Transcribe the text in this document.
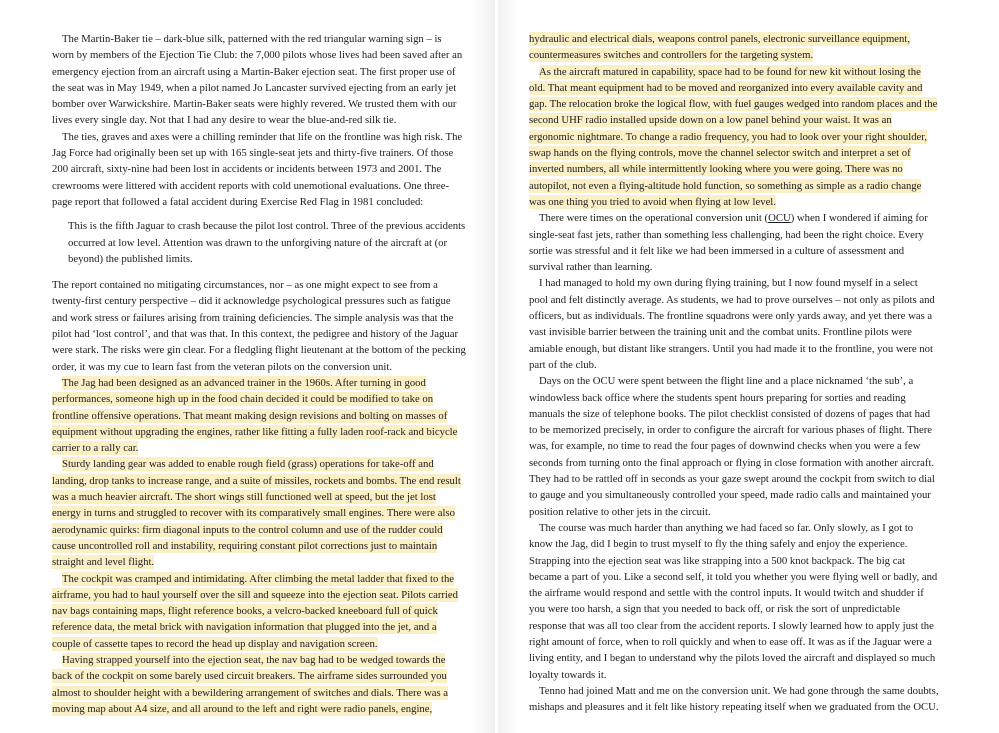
The Martin-Baker tie – dark-blue silk, patterned with the red triangular warning sign – is worn by members of the Ejection Tie Club: the 7,000 pilots whose lives had been saved after an emergency ejection from an aircraft using a Martin-Baker ejection seat. The first proper use of the seat was in May 1949, when a pilot named Jo Lancaster survived ejecting from an early jet bomber over Warwickshire. Martin-Baker seats were highly revered. We trusted them with our lives every single day. Not that I had any desire to wear the blue-and-red silk tie.

The ties, graves and axes were a chilling reminder that life on the frontline was high risk. The Jag Force had originally been set up with 165 single-seat jets and thirty-five trainers. Of those 200 aircraft, sixty-nine had been lost in accidents or incidents between 1973 and 2001. The crewrooms were littered with accident reports with cold unemotional evaluations. One three-page report that followed a fatal accident during Exercise Red Flag in 1981 concluded:

This is the fifth Jaguar to crash because the pilot lost control. Three of the previous accidents occurred at low level. Attention was drawn to the unforgiving nature of the aircraft at (or beyond) the published limits.

The report contained no mitigating circumstances, nor – as one might expect to see from a twenty-first century perspective – did it acknowledge psychological pressures such as fatigue and work stress or failures arising from training deficiencies. The simple analysis was that the pilot had ‘lost control’, and that was that. In this context, the pedigree and history of the Jaguar were stark. The risks were gin clear. For a fledgling flight lieutenant at the bottom of the pecking order, it was my cue to learn fast from the veteran pilots on the conversion unit.

The Jag had been designed as an advanced trainer in the 1960s. After turning in good performances, someone high up in the food chain decided it could be modified to take on frontline offensive operations. That meant making design revisions and bolting on masses of equipment without upgrading the engines, rather like fitting a fully laden roof-rack and bicycle carrier to a rally car.

Sturdy landing gear was added to enable rough field (grass) operations for take-off and landing, drop tanks to increase range, and a suite of missiles, rockets and bombs. The end result was a much heavier aircraft. The short wings still functioned well at speed, but the jet lost energy in turns and struggled to recover with its comparatively small engines. There were also aerodynamic quirks: firm diagonal inputs to the control column and use of the rudder could cause uncontrolled roll and instability, requiring constant pilot corrections just to maintain straight and level flight.

The cockpit was cramped and intimidating. After climbing the metal ladder that fixed to the airframe, you had to haul yourself over the sill and squeeze into the ejection seat. Pilots carried nav bags containing maps, flight reference books, a velcro-backed kneeboard full of quick reference data, the metal brick with navigation information that plugged into the jet, and a couple of cassette tapes to record the head up display and navigation screen.

Having strapped yourself into the ejection seat, the nav bag had to be wedged towards the back of the cockpit on some barely used circuit breakers. The airframe sides surrounded you almost to shoulder height with a bewildering arrangement of switches and dials. There was a moving map about A4 size, and all around to the left and right were radio panels, engine,

hydraulic and electrical dials, weapons control panels, electronic surveillance equipment, countermeasures switches and controllers for the targeting system.

As the aircraft matured in capability, space had to be found for new kit without losing the old. That meant equipment had to be moved and reorganized into every available cavity and gap. The relocation broke the logical flow, with fuel gauges wedged into random places and the second UHF radio installed upside down on a low panel behind your waist. It was an ergonomic nightmare. To change a radio frequency, you had to look over your right shoulder, swap hands on the flying controls, move the channel selector switch and interpret a set of inverted numbers, all while intermittently looking where you were going. There was no autopilot, not even a flying-altitude hold function, so something as simple as a radio change was one thing you tried to avoid when flying at low level.

There were times on the operational conversion unit (OCU) when I wondered if aiming for single-seat fast jets, rather than something less challenging, had been the right choice. Every sortie was stressful and it felt like we had been immersed in a culture of assessment and survival rather than learning.

I had managed to hold my own during flying training, but I now found myself in a select pool and felt distinctly average. As students, we had to prove ourselves – not only as pilots and officers, but as individuals. The frontline squadrons were only yards away, and yet there was a vast invisible barrier between the training unit and the combat units. Frontline pilots were amiable enough, but distant like strangers. Until you had made it to the frontline, you were not part of the club.

Days on the OCU were spent between the flight line and a place nicknamed ‘the sub’, a windowless back office where the students spent hours preparing for sorties and reading manuals the size of telephone books. The pilot checklist consisted of dozens of pages that had to be memorized precisely, in order to configure the aircraft for various phases of flight. There was, for example, no time to read the four pages of downwind checks when you were a few seconds from turning onto the final approach or flying in close formation with another aircraft. They had to be rattled off in seconds as your gaze swept around the cockpit from switch to dial to gauge and you simultaneously controlled your speed, made radio calls and maintained your position relative to other jets in the circuit.

The course was much harder than anything we had faced so far. Only slowly, as I got to know the Jag, did I begin to trust myself to fly the thing safely and enjoy the experience. Strapping into the ejection seat was like strapping into a 500 knot backpack. The big cat became a part of you. Like a second self, it told you whether you were flying well or badly, and the airframe would respond and settle with the control inputs. It would twitch and shudder if you were too harsh, a sign that you needed to back off, or risk the sort of unpredictable response that was all too clear from the accident reports. I slowly learned how to apply just the right amount of force, when to roll quickly and when to ease off. It was as if the Jaguar were a living entity, and I began to understand why the pilots loved the aircraft and displayed so much loyalty towards it.

Tenno had joined Matt and me on the conversion unit. We had gone through the same doubts, mishaps and pleasures and it felt like history repeating itself when we graduated from the OCU.
